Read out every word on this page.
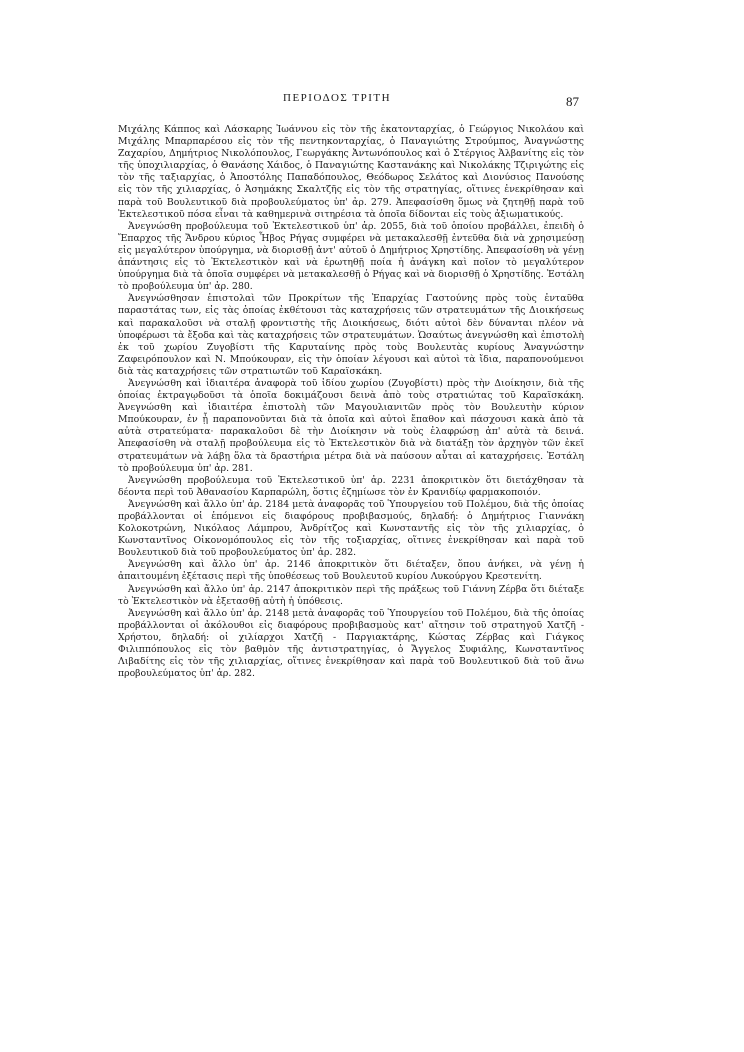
ΠΕΡΙΟΔΟΣ ΤΡΙΤΗ	87

Μιχάλης Κάππος καὶ Λάσκαρης Ἰωάννου εἰς τὸν τῆς ἑκατονταρχίας, ὁ Γεώργιος Νικολάου καὶ Μιχάλης Μπαρπαρέσου εἰς τὸν τῆς πεντηκονταρχίας, ὁ Παναγιώτης Στρούμπος, Ἀναγνώστης Ζαχαρίου, Δημήτριος Νικολόπουλος, Γεωργάκης Ἀντωνόπουλος καὶ ὁ Στέργιος Ἀλβανίτης εἰς τὸν τῆς ὑποχιλιαρχίας, ὁ Θανάσης Χάιδος, ὁ Παναγιώτης Καστανάκης καὶ Νικολάκης Τζιριγώτης εἰς τὸν τῆς ταξιαρχίας, ὁ Ἀποστόλης Παπαδόπουλος, Θεόδωρος Σελάτος καὶ Διονύσιος Πανούσης εἰς τὸν τῆς χιλιαρχίας, ὁ Ἀσημάκης Σκαλτζῆς εἰς τὸν τῆς στρατηγίας, οἵτινες ἐνεκρίθησαν καὶ παρὰ τοῦ Βουλευτικοῦ διὰ προβουλεύματος ὑπ' ἀρ. 279. Ἀπεφασίσθη ὅμως νὰ ζητηθῇ παρὰ τοῦ Ἐκτελεστικοῦ πόσα εἶναι τὰ καθημερινὰ σιτηρέσια τὰ ὁποῖα δίδονται εἰς τοὺς ἀξιωματικούς.

Ἀνεγνώσθη προβούλευμα τοῦ Ἐκτελεστικοῦ ὑπ' ἀρ. 2055, διὰ τοῦ ὁποίου προβάλλει, ἐπειδὴ ὁ Ἔπαρχος τῆς Ἄνδρου κύριος Ἦβος Ρήγας συμφέρει νὰ μετακαλεσθῇ ἐντεῦθα διὰ νὰ χρησιμεύσῃ εἰς μεγαλύτερον ὑπούργημα, νὰ διορισθῇ ἀντ' αὐτοῦ ὁ Δημήτριος Χρηστίδης. Ἀπεφασίσθη νὰ γένῃ ἀπάντησις εἰς τὸ Ἐκτελεστικὸν καὶ νὰ ἐρωτηθῇ ποία ἡ ἀνάγκη καὶ ποῖον τὸ μεγαλύτερον ὑπούργημα διὰ τὰ ὁποῖα συμφέρει νὰ μετακαλεσθῇ ὁ Ρήγας καὶ νὰ διορισθῇ ὁ Χρηστίδης. Ἐστάλη τὸ προβούλευμα ὑπ' ἀρ. 280.

Ἀνεγνώσθησαν ἐπιστολαὶ τῶν Προκρίτων τῆς Ἐπαρχίας Γαστούνης πρὸς τοὺς ἐνταῦθα παραστάτας των, εἰς τὰς ὁποίας ἐκθέτουσι τὰς καταχρήσεις τῶν στρατευμάτων τῆς Διοικήσεως καὶ παρακαλοῦσι νὰ σταλῇ φροντιστὴς τῆς Διοικήσεως, διότι αὐτοὶ δὲν δύνανται πλέον νὰ ὑποφέρωσι τὰ ἔξοδα καὶ τὰς καταχρήσεις τῶν στρατευμάτων. Ὡσαύτως ἀνεγνώσθη καὶ ἐπιστολὴ ἐκ τοῦ χωρίου Ζυγοβίστι τῆς Καρυταίνης πρὸς τοὺς Βουλευτὰς κυρίους Ἀναγνώστην Ζαφειρόπουλον καὶ Ν. Μπούκουραν, εἰς τὴν ὁποίαν λέγουσι καὶ αὐτοὶ τὰ ἴδια, παραπονούμενοι διὰ τὰς καταχρήσεις τῶν στρατιωτῶν τοῦ Καραϊσκάκη.

Ἀνεγνώσθη καὶ ἰδιαιτέρα ἀναφορὰ τοῦ ἰδίου χωρίου (Ζυγοβίστι) πρὸς τὴν Διοίκησιν, διὰ τῆς ὁποίας ἐκτραγῳδοῦσι τὰ ὁποῖα δοκιμάζουσι δεινὰ ἀπὸ τοὺς στρατιώτας τοῦ Καραϊσκάκη. Ἀνεγνώσθη καὶ ἰδιαιτέρα ἐπιστολὴ τῶν Μαγουλιανιτῶν πρὸς τὸν Βουλευτὴν κύριον Μπούκουραν, ἐν ᾗ παραπονοῦνται διὰ τὰ ὁποῖα καὶ αὐτοὶ ἔπαθον καὶ πάσχουσι κακὰ ἀπὸ τὰ αὐτὰ στρατεύματα· παρακαλοῦσι δὲ τὴν Διοίκησιν νὰ τοὺς ἐλαφρώσῃ ἀπ' αὐτὰ τὰ δεινά. Ἀπεφασίσθη νὰ σταλῇ προβούλευμα εἰς τὸ Ἐκτελεστικὸν διὰ νὰ διατάξῃ τὸν ἀρχηγὸν τῶν ἐκεῖ στρατευμάτων νὰ λάβῃ ὅλα τὰ δραστήρια μέτρα διὰ νὰ παύσουν αὗται αἱ καταχρήσεις. Ἐστάλη τὸ προβούλευμα ὑπ' ἀρ. 281.

Ἀνεγνώσθη προβούλευμα τοῦ Ἐκτελεστικοῦ ὑπ' ἀρ. 2231 ἀποκριτικὸν ὅτι διετάχθησαν τὰ δέοντα περὶ τοῦ Ἀθανασίου Καρπαρώλη, ὅστις ἐζημίωσε τὸν ἐν Κρανιδίῳ φαρμακοποιόν.

Ἀνεγνώσθη καὶ ἄλλο ὑπ' ἀρ. 2184 μετὰ ἀναφορᾶς τοῦ Ὑπουργείου τοῦ Πολέμου, διὰ τῆς ὁποίας προβάλλονται οἱ ἑπόμενοι εἰς διαφόρους προβιβασμούς, δηλαδή: ὁ Δημήτριος Γιαννάκη Κολοκοτρώνη, Νικόλαος Λάμπρου, Ἀνδρίτζος καὶ Κωνσταντῆς εἰς τὸν τῆς χιλιαρχίας, ὁ Κωνσταντῖνος Οἰκονομόπουλος εἰς τὸν τῆς τοξιαρχίας, οἵτινες ἐνεκρίθησαν καὶ παρὰ τοῦ Βουλευτικοῦ διὰ τοῦ προβουλεύματος ὑπ' ἀρ. 282.

Ἀνεγνώσθη καὶ ἄλλο ὑπ' ἀρ. 2146 ἀποκριτικὸν ὅτι διέταξεν, ὅπου ἀνήκει, νὰ γένῃ ἡ ἀπαιτουμένη ἐξέτασις περὶ τῆς ὑποθέσεως τοῦ Βουλευτοῦ κυρίου Λυκούργου Κρεστενίτη.

Ἀνεγνώσθη καὶ ἄλλο ὑπ' ἀρ. 2147 ἀποκριτικὸν περὶ τῆς πράξεως τοῦ Γιάννη Ζέρβα ὅτι διέταξε τὸ Ἐκτελεστικὸν νὰ ἐξετασθῇ αὐτὴ ἡ ὑπόθεσις.

Ἀνεγνώσθη καὶ ἄλλο ὑπ' ἀρ. 2148 μετὰ ἀναφορᾶς τοῦ Ὑπουργείου τοῦ Πολέμου, διὰ τῆς ὁποίας προβάλλονται οἱ ἀκόλουθοι εἰς διαφόρους προβιβασμοὺς κατ' αἴτησιν τοῦ στρατηγοῦ Χατζῆ - Χρήστου, δηλαδή: οἱ χιλίαρχοι Χατζῆ - Παργιακτάρης, Κώστας Ζέρβας καὶ Γιάγκος Φιλιππόπουλος εἰς τὸν βαθμὸν τῆς ἀντιστρατηγίας, ὁ Ἄγγελος Συφιάλης, Κωνσταντῖνος Λιβαδίτης εἰς τὸν τῆς χιλιαρχίας, οἵτινες ἐνεκρίθησαν καὶ παρὰ τοῦ Βουλευτικοῦ διὰ τοῦ ἄνω προβουλεύματος ὑπ' ἀρ. 282.
